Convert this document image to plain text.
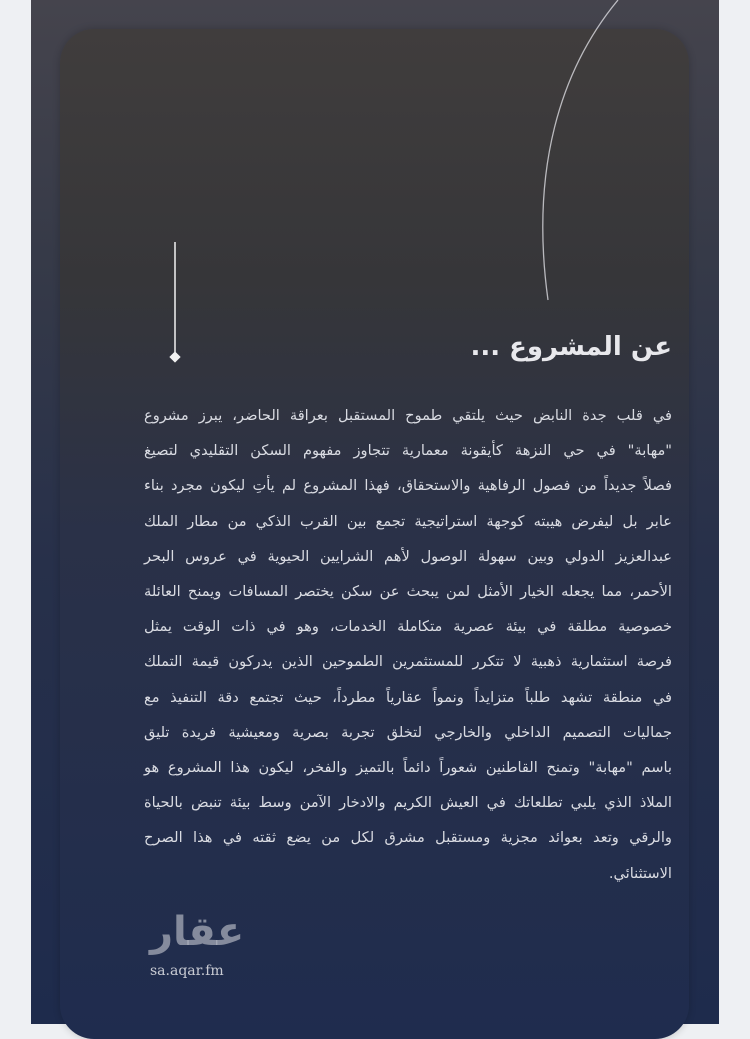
عن المشروع ...
في قلب جدة النابض حيث يلتقي طموح المستقبل بعراقة الحاضر، يبرز مشروع
"مهابة" في حي النزهة كأيقونة معمارية تتجاوز مفهوم السكن التقليدي لتصيغ
فصلاً جديداً من فصول الرفاهية والاستحقاق، فهذا المشروع لم يأتِ ليكون مجرد بناء
عابر بل ليفرض هيبته كوجهة استراتيجية تجمع بين القرب الذكي من مطار الملك
عبدالعزيز الدولي وبين سهولة الوصول لأهم الشرايين الحيوية في عروس البحر
الأحمر، مما يجعله الخيار الأمثل لمن يبحث عن سكن يختصر المسافات ويمنح العائلة
خصوصية مطلقة في بيئة عصرية متكاملة الخدمات، وهو في ذات الوقت يمثل
فرصة استثمارية ذهبية لا تتكرر للمستثمرين الطموحين الذين يدركون قيمة التملك
في منطقة تشهد طلباً متزايداً ونمواً عقارياً مطرداً، حيث تجتمع دقة التنفيذ مع
جماليات التصميم الداخلي والخارجي لتخلق تجربة بصرية ومعيشية فريدة تليق
باسم "مهابة" وتمنح القاطنين شعوراً دائماً بالتميز والفخر، ليكون هذا المشروع هو
الملاذ الذي يلبي تطلعاتك في العيش الكريم والادخار الآمن وسط بيئة تنبض بالحياة
والرقي وتعد بعوائد مجزية ومستقبل مشرق لكل من يضع ثقته في هذا الصرح
الاستثنائي.
عقار
sa.aqar.fm
